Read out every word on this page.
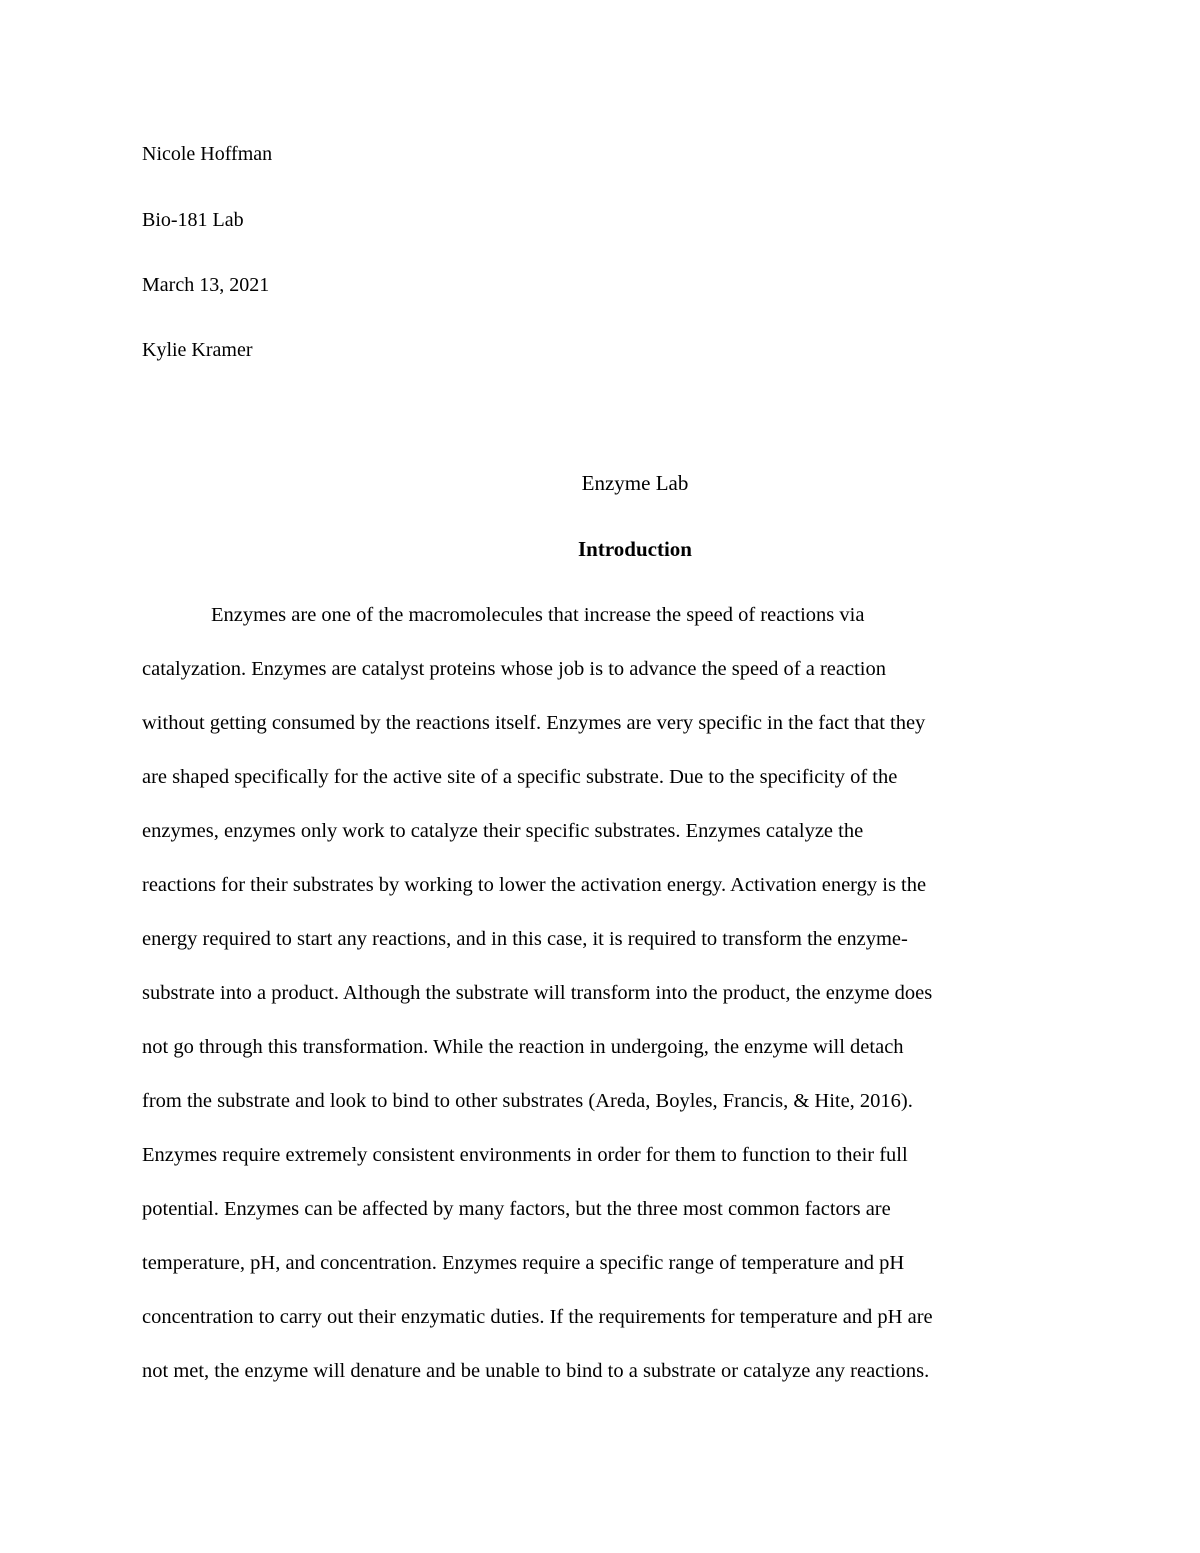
Nicole Hoffman
Bio-181 Lab
March 13, 2021
Kylie Kramer
Enzyme Lab
Introduction
Enzymes are one of the macromolecules that increase the speed of reactions via
catalyzation. Enzymes are catalyst proteins whose job is to advance the speed of a reaction
without getting consumed by the reactions itself. Enzymes are very specific in the fact that they
are shaped specifically for the active site of a specific substrate. Due to the specificity of the
enzymes, enzymes only work to catalyze their specific substrates. Enzymes catalyze the
reactions for their substrates by working to lower the activation energy. Activation energy is the
energy required to start any reactions, and in this case, it is required to transform the enzyme-
substrate into a product. Although the substrate will transform into the product, the enzyme does
not go through this transformation. While the reaction in undergoing, the enzyme will detach
from the substrate and look to bind to other substrates (Areda, Boyles, Francis, & Hite, 2016).
Enzymes require extremely consistent environments in order for them to function to their full
potential. Enzymes can be affected by many factors, but the three most common factors are
temperature, pH, and concentration. Enzymes require a specific range of temperature and pH
concentration to carry out their enzymatic duties. If the requirements for temperature and pH are
not met, the enzyme will denature and be unable to bind to a substrate or catalyze any reactions.
